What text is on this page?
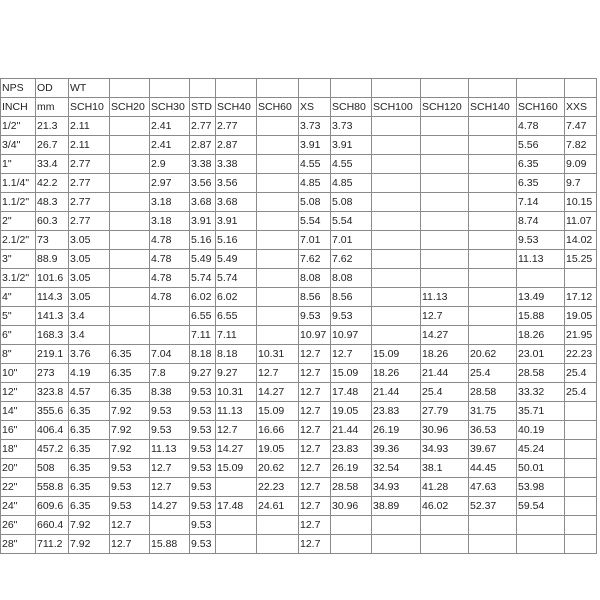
NPS	OD	WT												
INCH	mm	SCH10	SCH20	SCH30	STD	SCH40	SCH60	XS	SCH80	SCH100	SCH120	SCH140	SCH160	XXS
1/2"	21.3	2.11		2.41	2.77	2.77		3.73	3.73				4.78	7.47
3/4"	26.7	2.11		2.41	2.87	2.87		3.91	3.91				5.56	7.82
1"	33.4	2.77		2.9	3.38	3.38		4.55	4.55				6.35	9.09
1.1/4"	42.2	2.77		2.97	3.56	3.56		4.85	4.85				6.35	9.7
1.1/2"	48.3	2.77		3.18	3.68	3.68		5.08	5.08				7.14	10.15
2"	60.3	2.77		3.18	3.91	3.91		5.54	5.54				8.74	11.07
2.1/2"	73	3.05		4.78	5.16	5.16		7.01	7.01				9.53	14.02
3"	88.9	3.05		4.78	5.49	5.49		7.62	7.62				11.13	15.25
3.1/2"	101.6	3.05		4.78	5.74	5.74		8.08	8.08					
4"	114.3	3.05		4.78	6.02	6.02		8.56	8.56		11.13		13.49	17.12
5"	141.3	3.4			6.55	6.55		9.53	9.53		12.7		15.88	19.05
6"	168.3	3.4			7.11	7.11		10.97	10.97		14.27		18.26	21.95
8"	219.1	3.76	6.35	7.04	8.18	8.18	10.31	12.7	12.7	15.09	18.26	20.62	23.01	22.23
10"	273	4.19	6.35	7.8	9.27	9.27	12.7	12.7	15.09	18.26	21.44	25.4	28.58	25.4
12"	323.8	4.57	6.35	8.38	9.53	10.31	14.27	12.7	17.48	21.44	25.4	28.58	33.32	25.4
14"	355.6	6.35	7.92	9.53	9.53	11.13	15.09	12.7	19.05	23.83	27.79	31.75	35.71	
16"	406.4	6.35	7.92	9.53	9.53	12.7	16.66	12.7	21.44	26.19	30.96	36.53	40.19	
18"	457.2	6.35	7.92	11.13	9.53	14.27	19.05	12.7	23.83	39.36	34.93	39.67	45.24	
20"	508	6.35	9.53	12.7	9.53	15.09	20.62	12.7	26.19	32.54	38.1	44.45	50.01	
22"	558.8	6.35	9.53	12.7	9.53		22.23	12.7	28.58	34.93	41.28	47.63	53.98	
24"	609.6	6.35	9.53	14.27	9.53	17.48	24.61	12.7	30.96	38.89	46.02	52.37	59.54	
26"	660.4	7.92	12.7		9.53			12.7						
28"	711.2	7.92	12.7	15.88	9.53			12.7						
